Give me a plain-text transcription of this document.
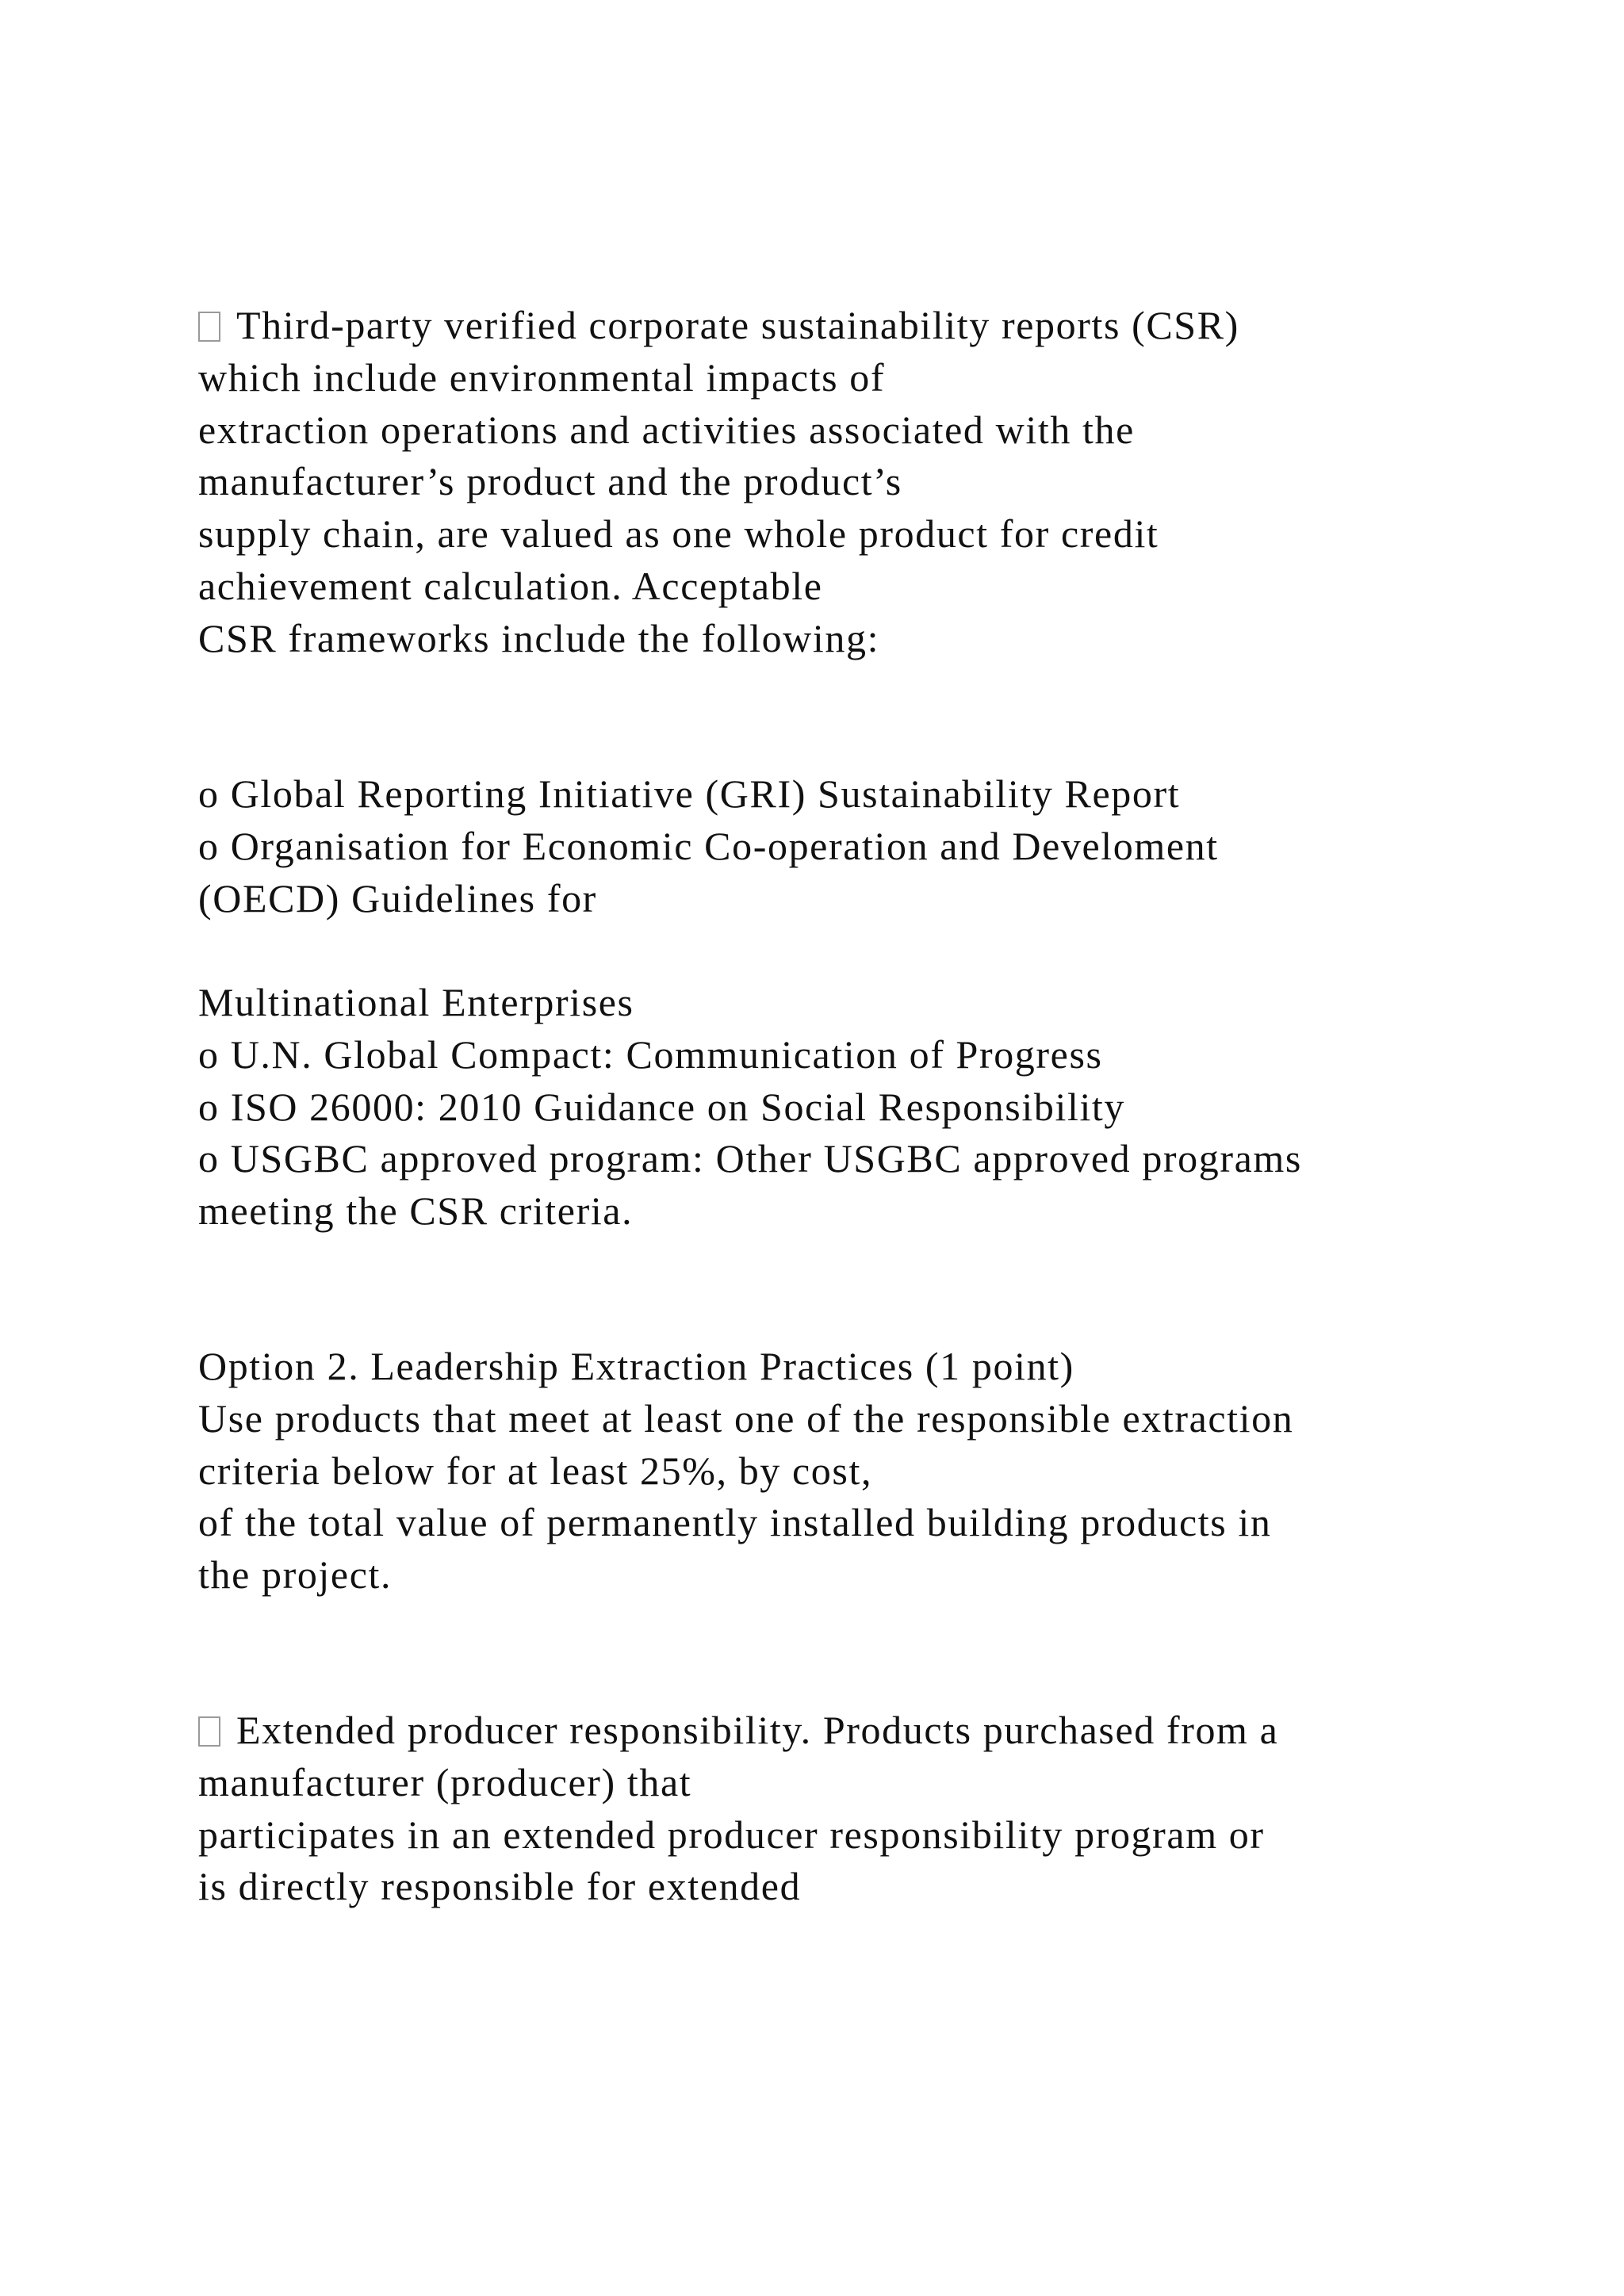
Third-party verified corporate sustainability reports (CSR)
which include environmental impacts of
extraction operations and activities associated with the
manufacturer’s product and the product’s
supply chain, are valued as one whole product for credit
achievement calculation. Acceptable
CSR frameworks include the following:
o Global Reporting Initiative (GRI) Sustainability Report
o Organisation for Economic Co-operation and Develoment
(OECD) Guidelines for
Multinational Enterprises
o U.N. Global Compact: Communication of Progress
o ISO 26000: 2010 Guidance on Social Responsibility
o USGBC approved program: Other USGBC approved programs
meeting the CSR criteria.
Option 2. Leadership Extraction Practices (1 point)
Use products that meet at least one of the responsible extraction
criteria below for at least 25%, by cost,
of the total value of permanently installed building products in
the project.
Extended producer responsibility. Products purchased from a
manufacturer (producer) that
participates in an extended producer responsibility program or
is directly responsible for extended
